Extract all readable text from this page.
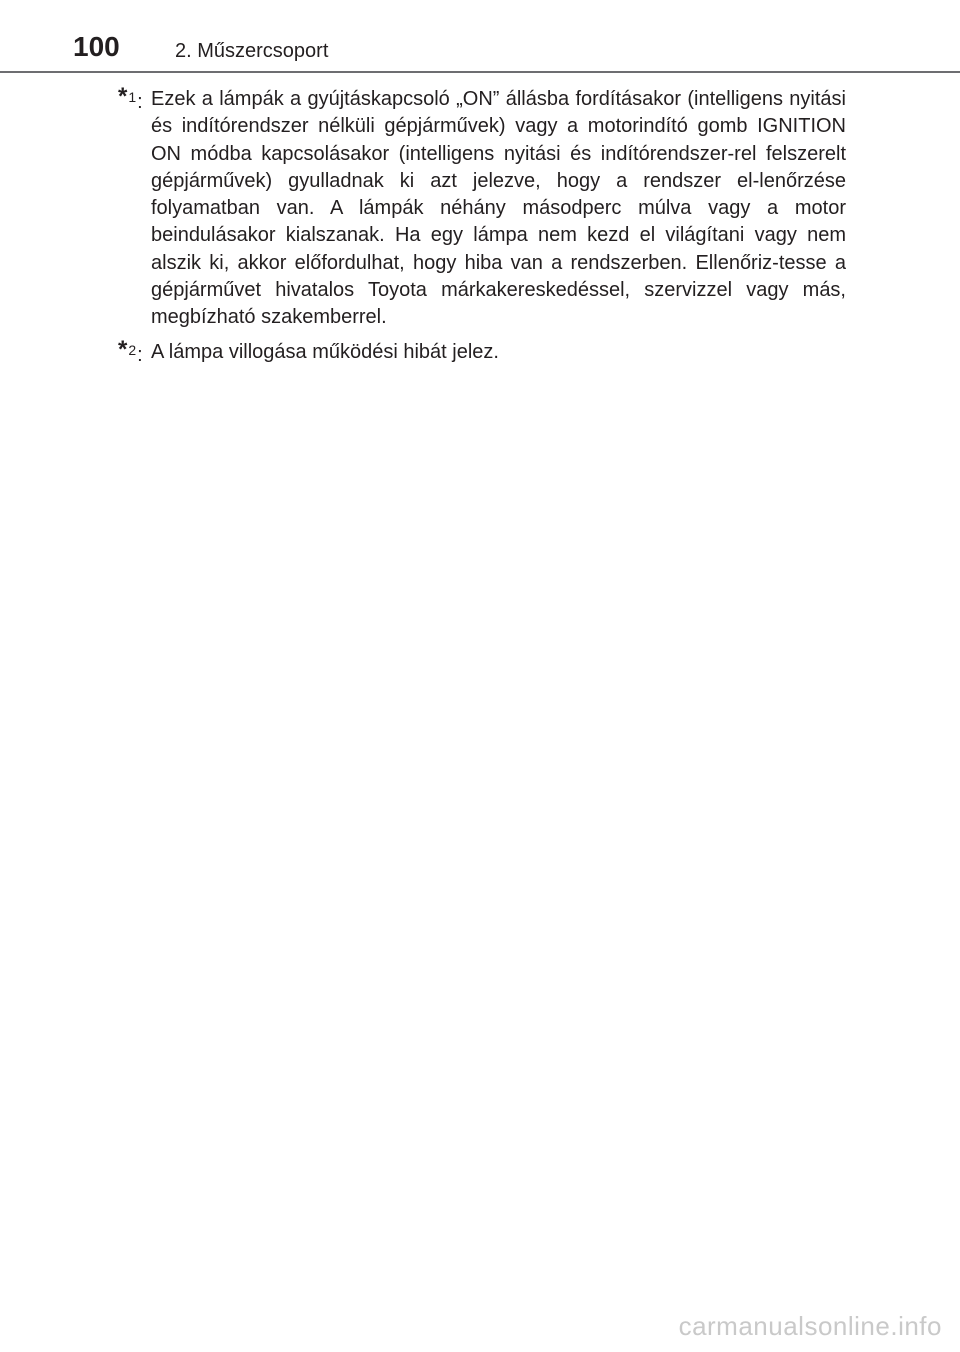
100	2. Műszercsoport
*$^1$: Ezek a lámpák a gyújtáskapcsoló „ON” állásba fordításakor (intelligens nyitási és indítórendszer nélküli gépjárművek) vagy a motorindító gomb IGNITION ON módba kapcsolásakor (intelligens nyitási és indítórendszer-rel felszerelt gépjárművek) gyulladnak ki azt jelezve, hogy a rendszer el-lenőrzése folyamatban van. A lámpák néhány másodperc múlva vagy a motor beindulásakor kialszanak. Ha egy lámpa nem kezd el világítani vagy nem alszik ki, akkor előfordulhat, hogy hiba van a rendszerben. Ellenőriz-tesse a gépjárművet hivatalos Toyota márkakereskedéssel, szervizzel vagy más, megbízható szakemberrel.
*$^2$: A lámpa villogása működési hibát jelez.
carmanualsonline.info
